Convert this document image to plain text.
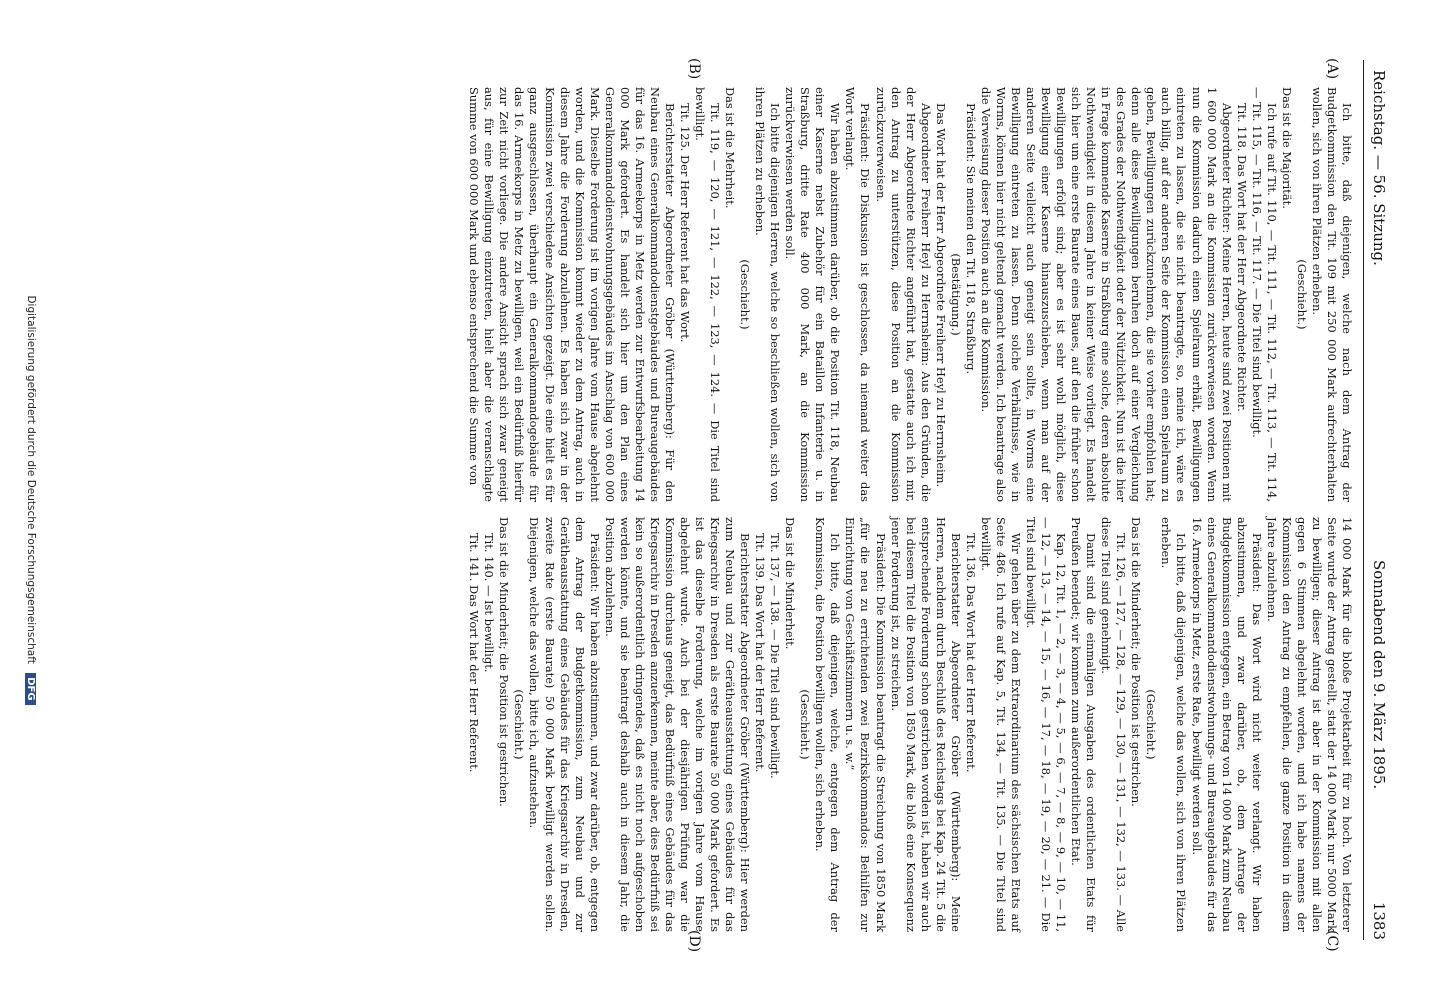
Reichstag. — 56. Sitzung.
Sonnabend den 9. März 1895.
1383
(A)
(B)
(C)
(D)

Ich bitte, daß diejenigen, welche nach dem Antrag der Budgetkommission den Tit. 109 mit 250 000 Mark aufrechterhalten wollen, sich von ihren Plätzen erheben.

(Geschieht.)

Das ist die Majorität.

Ich rufe auf Tit. 110, — Tit. 111, — Tit. 112, — Tit. 113, — Tit. 114, — Tit. 115, — Tit. 116, — Tit. 117. — Die Titel sind bewilligt.

Tit. 118. Das Wort hat der Herr Abgeordnete Richter.

Abgeordneter Richter: Meine Herren, heute sind zwei Positionen mit 1 600 000 Mark an die Kommission zurückverwiesen worden. Wenn nun die Kommission dadurch einen Spielraum erhält, Bewilligungen eintreten zu lassen, die sie nicht beantragte, so, meine ich, wäre es auch billig, auf der anderen Seite der Kommission einen Spielraum zu geben, Bewilligungen zurückzunehmen, die sie vorher empfohlen hat; denn alle diese Bewilligungen beruhen doch auf einer Vergleichung des Grades der Nothwendigkeit oder der Nützlichkeit. Nun ist die hier in Frage kommende Kaserne in Straßburg eine solche, deren absolute Nothwendigkeit in diesem Jahre in keiner Weise vorliegt. Es handelt sich hier um eine erste Baurate eines Baues, auf den die früher schon Bewilligungen erfolgt sind; aber es ist sehr wohl möglich, diese Bewilligung einer Kaserne hinauszuschieben, wenn man auf der anderen Seite vielleicht auch geneigt sein sollte, in Worms eine Bewilligung eintreten zu lassen. Denn solche Verhältnisse, wie in Worms, können hier nicht geltend gemacht werden. Ich beantrage also die Verweisung dieser Position auch an die Kommission.

Präsident: Sie meinen den Tit. 118, Straßburg.

(Bestätigung.)

Das Wort hat der Herr Abgeordnete Freiherr Heyl zu Herrnsheim.

Abgeordneter Freiherr Heyl zu Herrnsheim: Aus den Gründen, die der Herr Abgeordnete Richter angeführt hat, gestatte auch ich mir, den Antrag zu unterstützen, diese Position an die Kommission zurückzuverweisen.

Präsident: Die Diskussion ist geschlossen, da niemand weiter das Wort verlangt.

Wir haben abzustimmen darüber, ob die Position Tit. 118, Neubau einer Kaserne nebst Zubehör für ein Bataillon Infanterie u. in Straßburg, dritte Rate 400 000 Mark, an die Kommission zurückverwiesen werden soll.

Ich bitte diejenigen Herren, welche so beschließen wollen, sich von ihren Plätzen zu erheben.

(Geschieht.)

Das ist die Mehrheit.

Tit. 119, — 120, — 121, — 122, — 123, — 124. — Die Titel sind bewilligt.

Tit. 125. Der Herr Referent hat das Wort.

Berichterstatter Abgeordneter Gröber (Württemberg): Für den Neubau eines Generalkommandodienstgebäudes und Bureaugebäudes für das 16. Armeekorps in Metz werden zur Entwurfsbearbeitung 14 000 Mark gefordert. Es handelt sich hier um den Plan eines Generalkommandodienstwohnungsgebäudes im Anschlag von 600 000 Mark. Dieselbe Forderung ist im vorigen Jahre vom Hause abgelehnt worden, und die Kommission kommt wieder zu dem Antrag, auch in diesem Jahre die Forderung abzulehnen. Es haben sich zwar in der Kommission zwei verschiedene Ansichten gezeigt. Die eine hielt es für ganz ausgeschlossen, überhaupt ein Generalkommandogebäude für das 16. Armeekorps in Metz zu bewilligen, weil ein Bedürfniß hierfür zur Zeit nicht vorliege. Die andere Ansicht sprach sich zwar geneigt aus, für eine Bewilligung einzutreten, hielt aber die veranschlagte Summe von 600 000 Mark und ebenso entsprechend die Summe von

14 000 Mark für die bloße Projektarbeit für zu hoch. Von letzterer Seite wurde der Antrag gestellt, statt der 14 000 Mark nur 5000 Mark zu bewilligen; dieser Antrag ist aber in der Kommission mit allen gegen 6 Stimmen abgelehnt worden, und ich habe namens der Kommission den Antrag zu empfehlen, die ganze Position in diesem Jahre abzulehnen.

Präsident: Das Wort wird nicht weiter verlangt. Wir haben abzustimmen, und zwar darüber, ob, dem Antrage der Budgetkommission entgegen, ein Betrag von 14 000 Mark zum Neubau eines Generalkommandodienstwohnungs- und Bureaugebäudes für das 16. Armeekorps in Metz, erste Rate, bewilligt werden soll.

Ich bitte, daß diejenigen, welche das wollen, sich von ihren Plätzen erheben.

(Geschieht.)

Das ist die Minderheit; die Position ist gestrichen.

Tit. 126, — 127, — 128, — 129, — 130, — 131, — 132, — 133. — Alle diese Titel sind genehmigt.

Damit sind die einmaligen Ausgaben des ordentlichen Etats für Preußen beendet; wir kommen zum außerordentlichen Etat.

Kap. 12, Tit. 1, — 2, — 3, — 4, — 5, — 6, — 7, — 8, — 9, — 10, — 11, — 12, — 13, — 14, — 15, — 16, — 17, — 18, — 19, — 20, — 21. — Die Titel sind bewilligt.

Wir gehen über zu dem Extraordinarium des sächsischen Etats auf Seite 486. Ich rufe auf Kap. 5, Tit. 134, — Tit. 135. — Die Titel sind bewilligt.

Tit. 136. Das Wort hat der Herr Referent.

Berichterstatter Abgeordneter Gröber (Württemberg): Meine Herren, nachdem durch Beschluß des Reichstags bei Kap. 24 Tit. 5 die entsprechende Forderung schon gestrichen worden ist, haben wir auch bei diesem Titel die Position von 1850 Mark, die bloß eine Konsequenz jener Forderung ist, zu streichen.

Präsident: Die Kommission beantragt die Streichung von 1850 Mark „für die neu zu errichtenden zwei Bezirkskommandos: Beihilfen zur Einrichtung von Geschäftszimmern u. s. w.“

Ich bitte, daß diejenigen, welche, entgegen dem Antrag der Kommission, die Position bewilligen wollen, sich erheben.

(Geschieht.)

Das ist die Minderheit.

Tit. 137, — 138. — Die Titel sind bewilligt.

Tit. 139. Das Wort hat der Herr Referent.

Berichterstatter Abgeordneter Gröber (Württemberg): Hier werden zum Neubau und zur Gerätheausstattung eines Gebäudes für das Kriegsarchiv in Dresden als erste Baurate 50 000 Mark gefordert. Es ist das dieselbe Forderung, welche im vorigen Jahre vom Hause abgelehnt wurde. Auch bei der diesjährigen Prüfung war die Kommission durchaus geneigt, das Bedürfniß eines Gebäudes für das Kriegsarchiv in Dresden anzuerkennen, meinte aber, dies Bedürfniß sei kein so außerordentlich dringendes, daß es nicht noch aufgeschoben werden könnte, und sie beantragt deshalb auch in diesem Jahr, die Position abzulehnen.

Präsident: Wir haben abzustimmen, und zwar darüber, ob, entgegen dem Antrag der Budgetkommission, zum Neubau und zur Gerätheausstattung eines Gebäudes für das Kriegsarchiv in Dresden, zweite Rate (erste Baurate) 50 000 Mark bewilligt werden sollen. Diejenigen, welche das wollen, bitte ich, aufzustehen.

(Geschieht.)

Das ist die Minderheit; die Position ist gestrichen.

Tit. 140. — Ist bewilligt.

Tit. 141. Das Wort hat der Herr Referent.

Digitalisierung gefördert durch die Deutsche Forschungsgemeinschaft DFG
